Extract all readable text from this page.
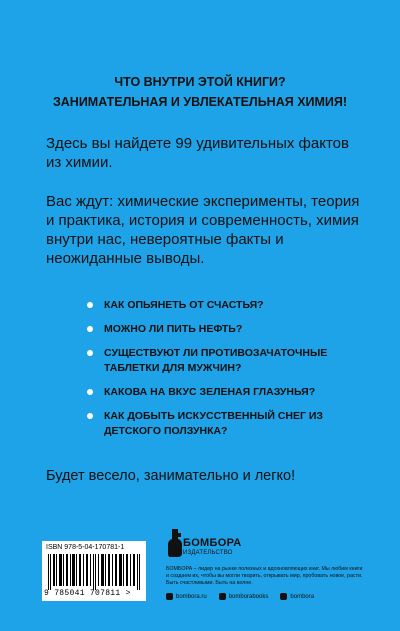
ЧТО ВНУТРИ ЭТОЙ КНИГИ?
ЗАНИМАТЕЛЬНАЯ И УВЛЕКАТЕЛЬНАЯ ХИМИЯ!
Здесь вы найдете 99 удивительных фактов из химии.
Вас ждут: химические эксперименты, теория и практика, история и современность, химия внутри нас, невероятные факты и неожиданные выводы.
КАК ОПЬЯНЕТЬ ОТ СЧАСТЬЯ?
МОЖНО ЛИ ПИТЬ НЕФТЬ?
СУЩЕСТВУЮТ ЛИ ПРОТИВОЗАЧАТОЧНЫЕ ТАБЛЕТКИ ДЛЯ МУЖЧИН?
КАКОВА НА ВКУС ЗЕЛЕНАЯ ГЛАЗУНЬЯ?
КАК ДОБЫТЬ ИСКУССТВЕННЫЙ СНЕГ ИЗ ДЕТСКОГО ПОЛЗУНКА?
Будет весело, занимательно и легко!
ISBN 978-5-04-170781-1
9 785041 707811 >
БОМБОРА
ИЗДАТЕЛЬСТВО
БОМБОРА – лидер на рынке полезных и вдохновляющих книг. Мы любим книги и создаем их, чтобы вы могли творить, открывать мир, пробовать новое, расти. Быть счастливыми. Быть на волне.
bombora.ru	bomborabooks	bombora
